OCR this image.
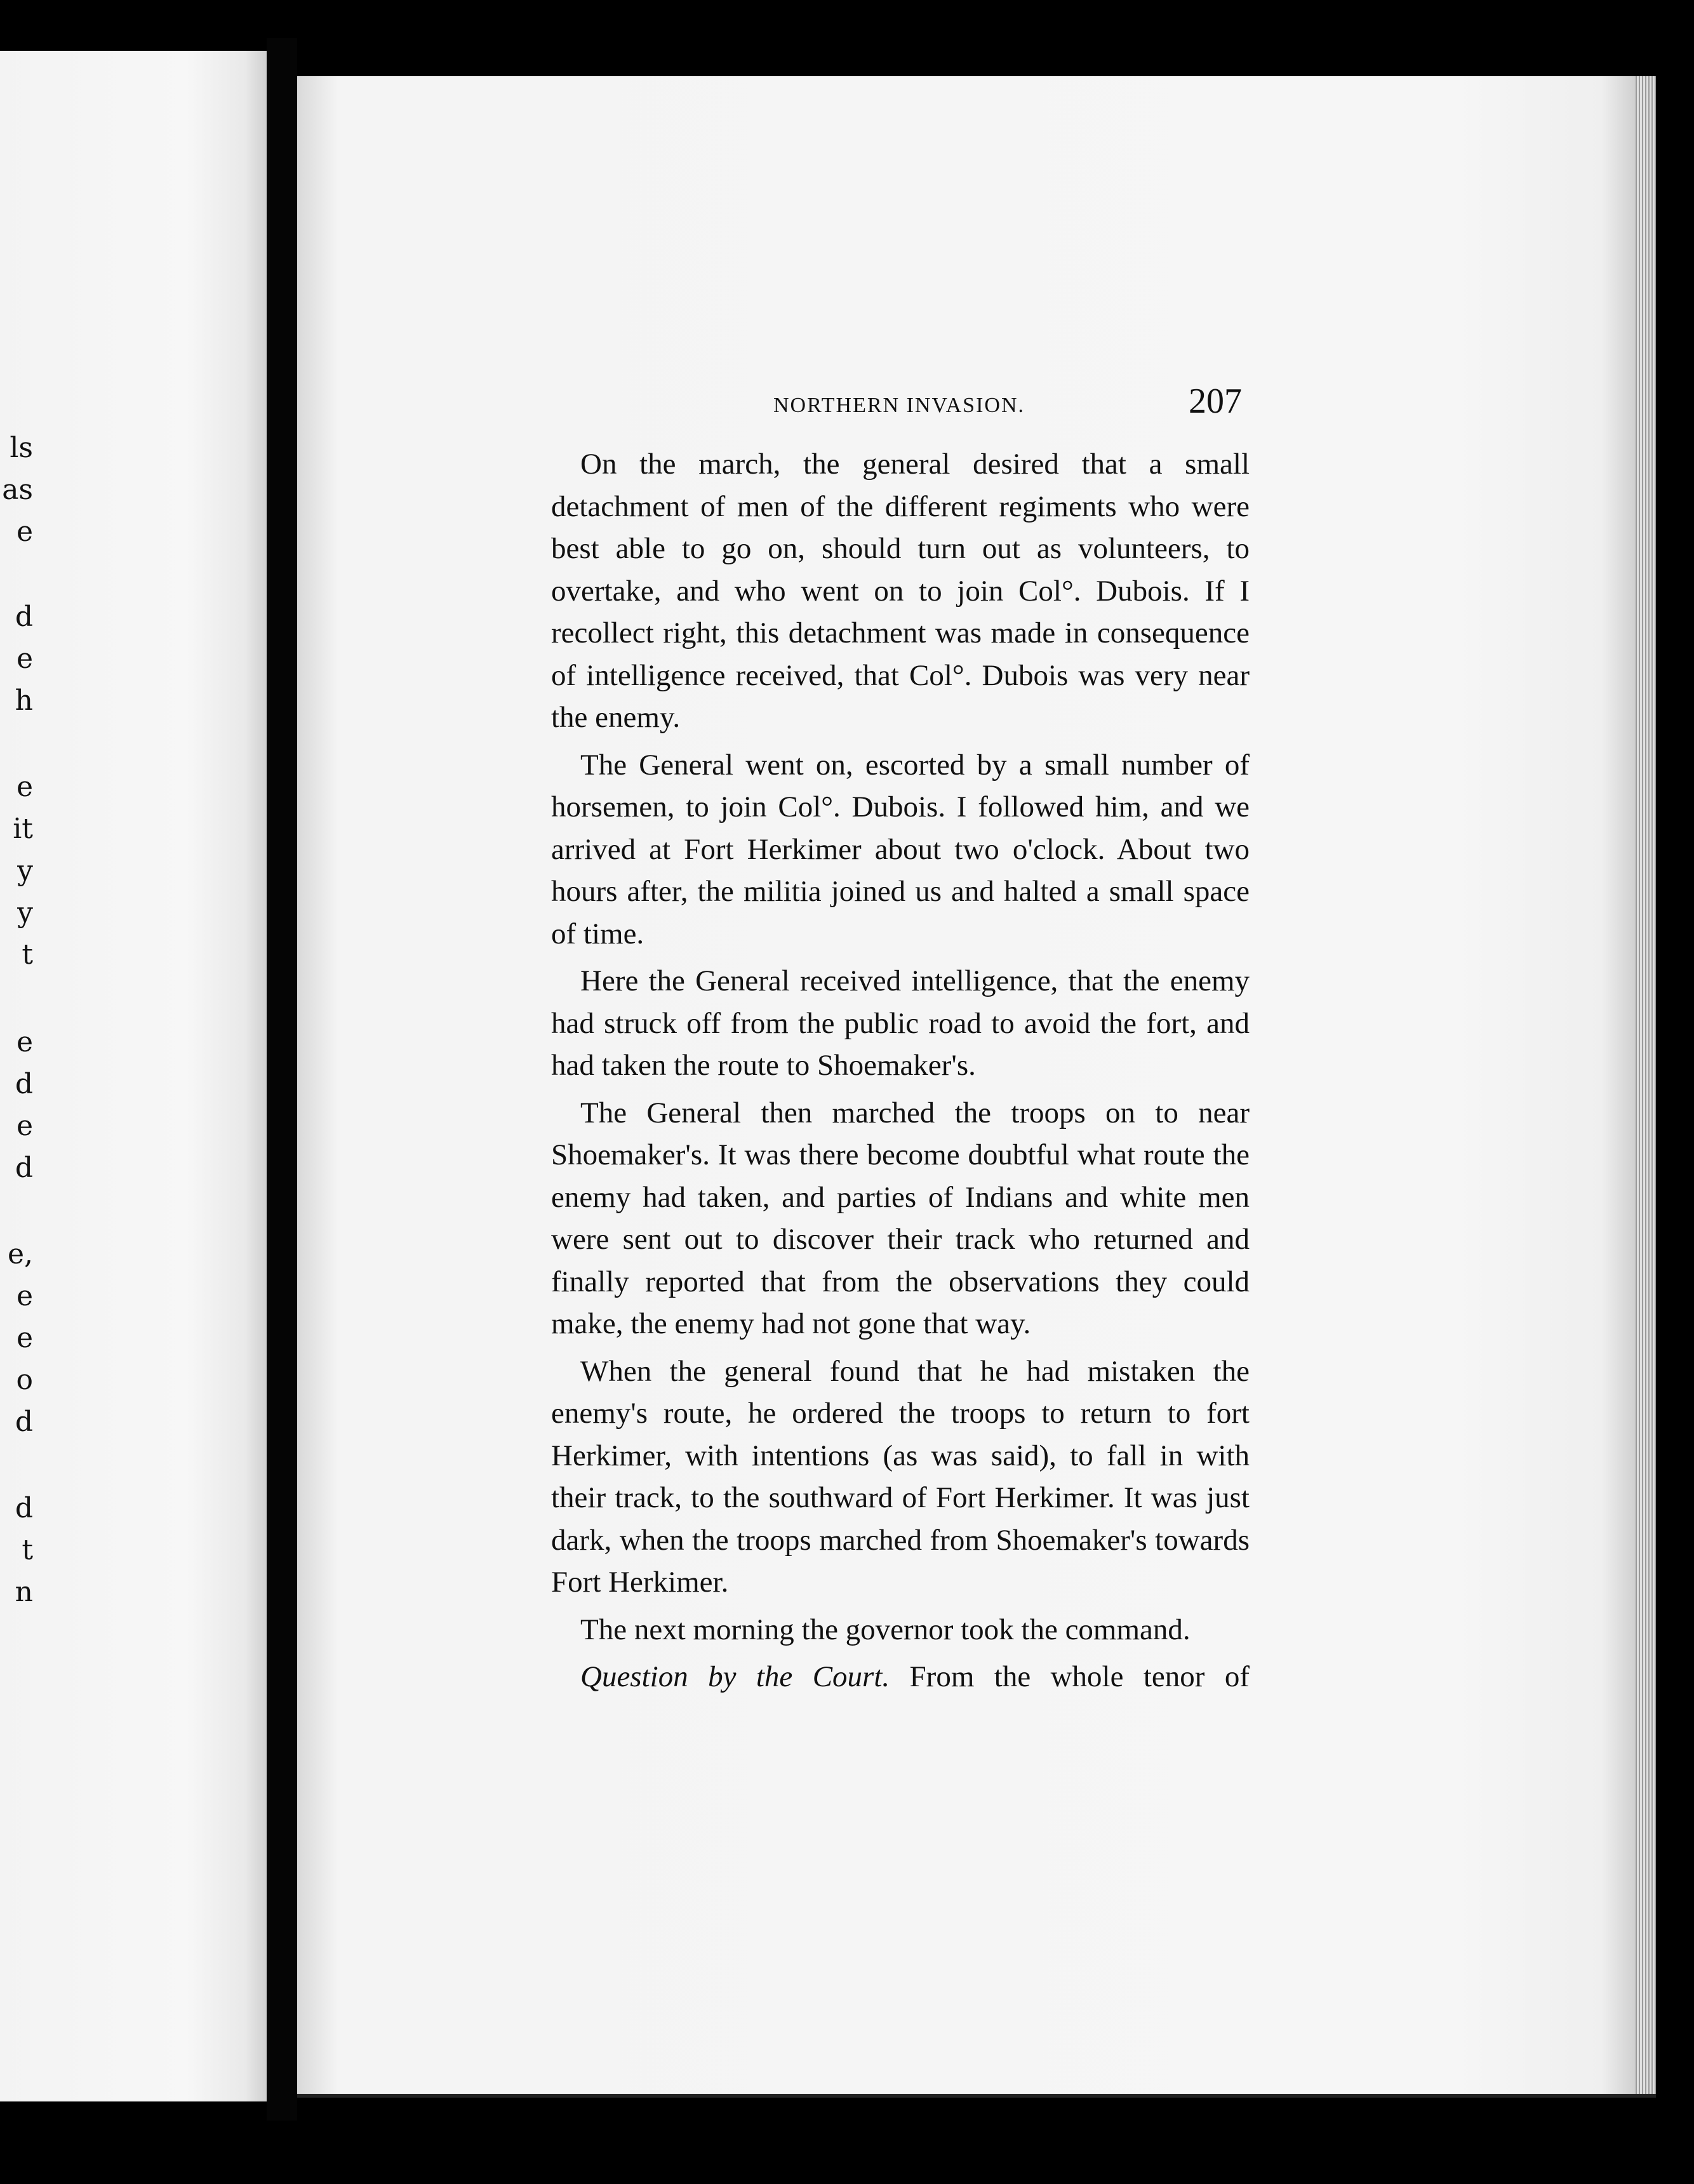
ls
as
e
d
e
h
e
it
y
y
t
e
d
e
d
e,
e
e
o
d
d
t
n
NORTHERN INVASION.	207

On the march, the general desired that a small detachment of men of the different regiments who were best able to go on, should turn out as volunteers, to overtake, and who went on to join Col°. Dubois. If I recollect right, this detachment was made in consequence of intelligence received, that Col°. Dubois was very near the enemy.

The General went on, escorted by a small number of horsemen, to join Col°. Dubois. I followed him, and we arrived at Fort Herkimer about two o'clock. About two hours after, the militia joined us and halted a small space of time.

Here the General received intelligence, that the enemy had struck off from the public road to avoid the fort, and had taken the route to Shoemaker's.

The General then marched the troops on to near Shoemaker's. It was there become doubtful what route the enemy had taken, and parties of Indians and white men were sent out to discover their track who returned and finally reported that from the observations they could make, the enemy had not gone that way.

When the general found that he had mistaken the enemy's route, he ordered the troops to return to fort Herkimer, with intentions (as was said), to fall in with their track, to the southward of Fort Herkimer. It was just dark, when the troops marched from Shoemaker's towards Fort Herkimer.

The next morning the governor took the command.

Question by the Court. From the whole tenor of
